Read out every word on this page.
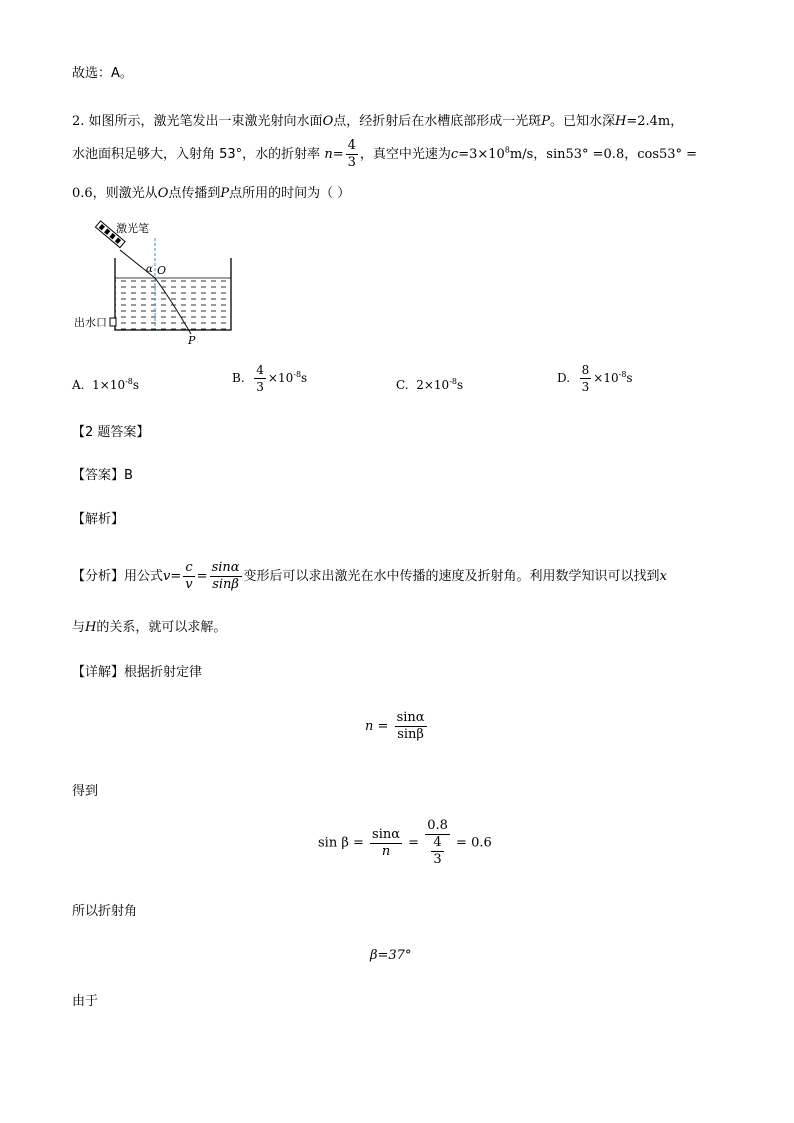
故选：A。
2. 如图所示，激光笔发出一束激光射向水面O点，经折射后在水槽底部形成一光斑P。已知水深H=2.4m，
水池面积足够大，入射角 53°，水的折射率 $n= \frac{4}{3}$ ，真空中光速为$c=3\times 10^8m/s$，sin53° =0.8，cos53° =
0.6，则激光从O点传播到P点所用的时间为（ ）
激光笔
α O
出水口
P
A. $1\times 10^{-8}s$	B. $\frac{4}{3} \times 10^{-8}s$	C. $2\times 10^{-8}s$	D. $\frac{8}{3} \times 10^{-8}s$
【2 题答案】
【答案】B
【解析】
【分析】用公式$v= \frac{c}{v} = \frac{\sin\alpha}{\sin\beta}$ 变形后可以求出激光在水中传播的速度及折射角。利用数学知识可以找到x
与H的关系，就可以求解。
【详解】根据折射定律
$n = \frac{\sin\alpha}{\sin\beta}$
得到
$\sin \beta = \frac{\sin\alpha}{n} = \frac{0.8}{\frac{4}{3}} = 0.6$
所以折射角
β=37°
由于
